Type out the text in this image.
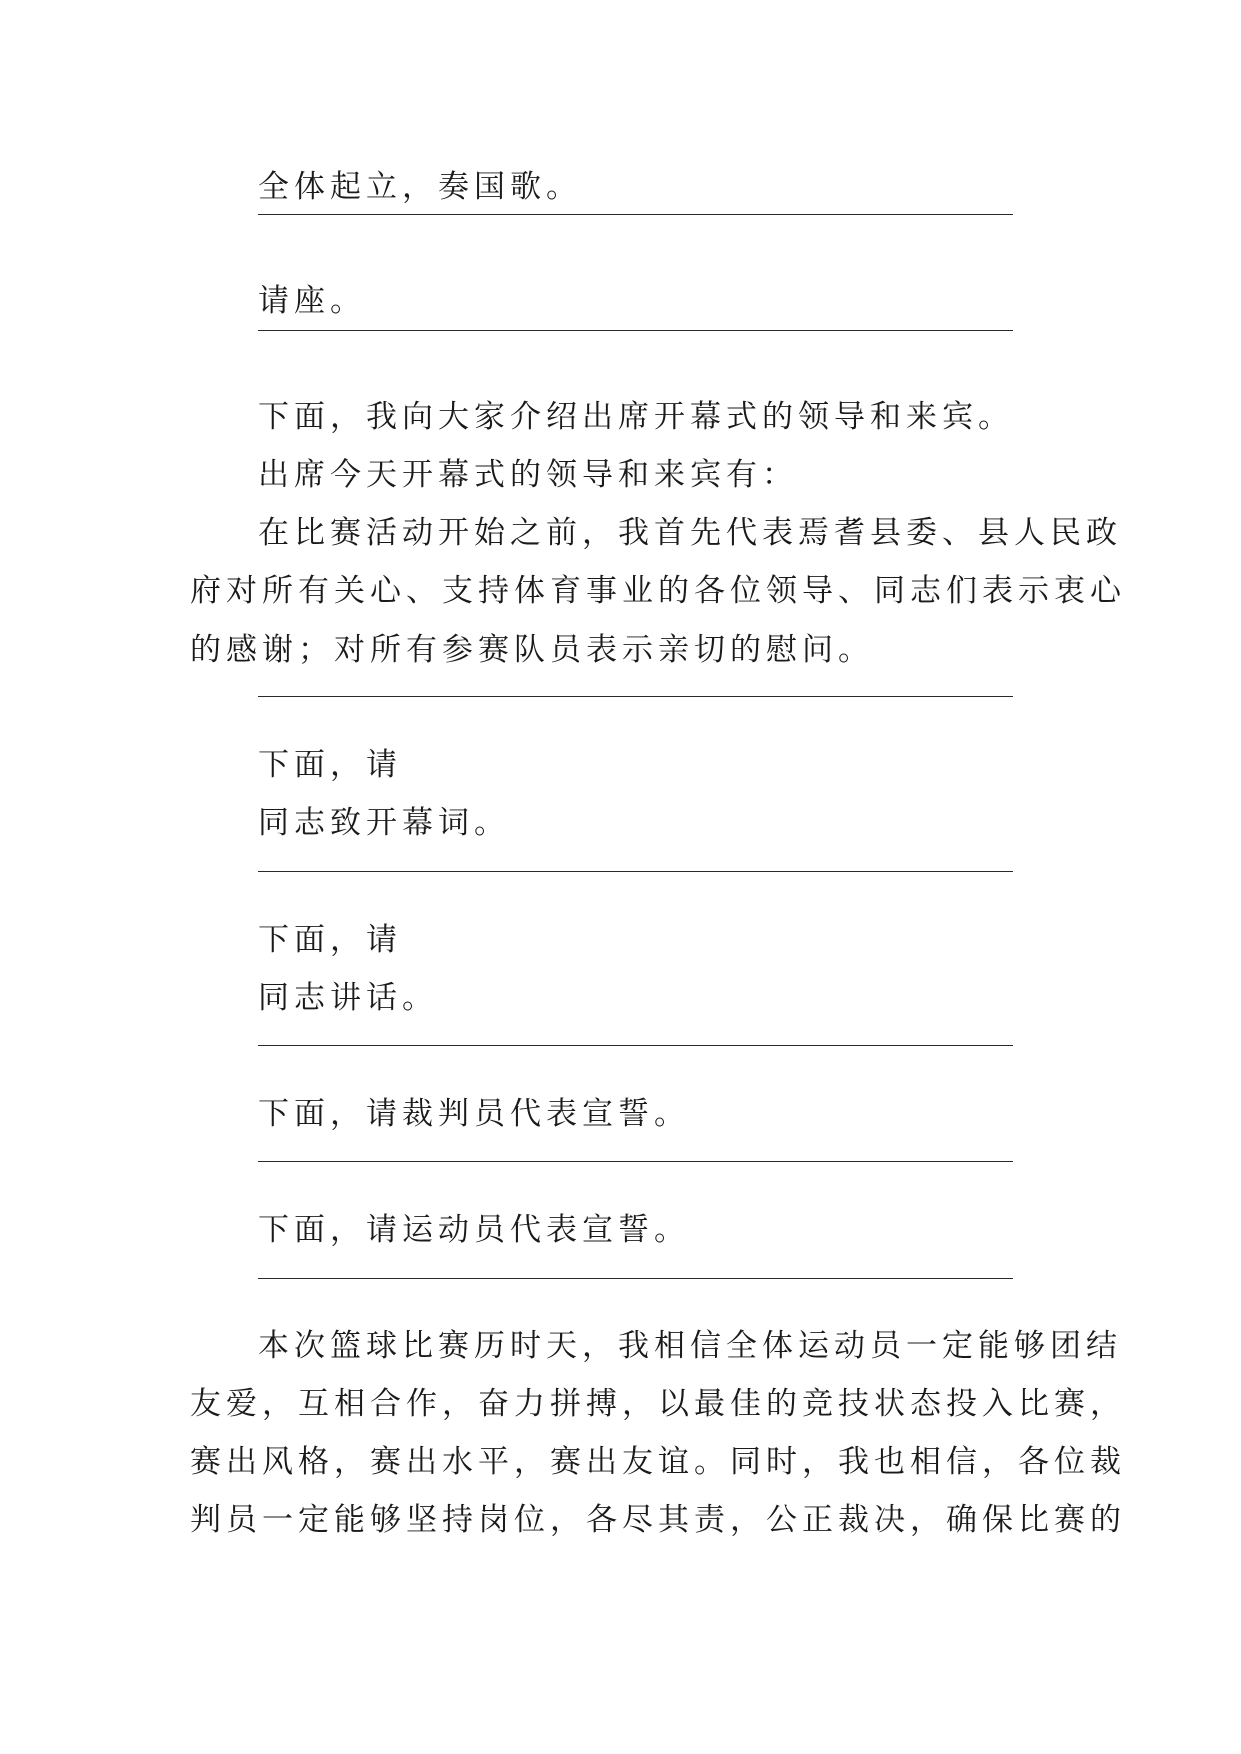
全体起立，奏国歌。
请座。
下面，我向大家介绍出席开幕式的领导和来宾。
出席今天开幕式的领导和来宾有：
在比赛活动开始之前，我首先代表焉耆县委、县人民政
府对所有关心、支持体育事业的各位领导、同志们表示衷心
的感谢；对所有参赛队员表示亲切的慰问。
下面，请
同志致开幕词。
下面，请
同志讲话。
下面，请裁判员代表宣誓。
下面，请运动员代表宣誓。
本次篮球比赛历时天，我相信全体运动员一定能够团结
友爱，互相合作，奋力拼搏，以最佳的竞技状态投入比赛，
赛出风格，赛出水平，赛出友谊。同时，我也相信，各位裁
判员一定能够坚持岗位，各尽其责，公正裁决，确保比赛的
